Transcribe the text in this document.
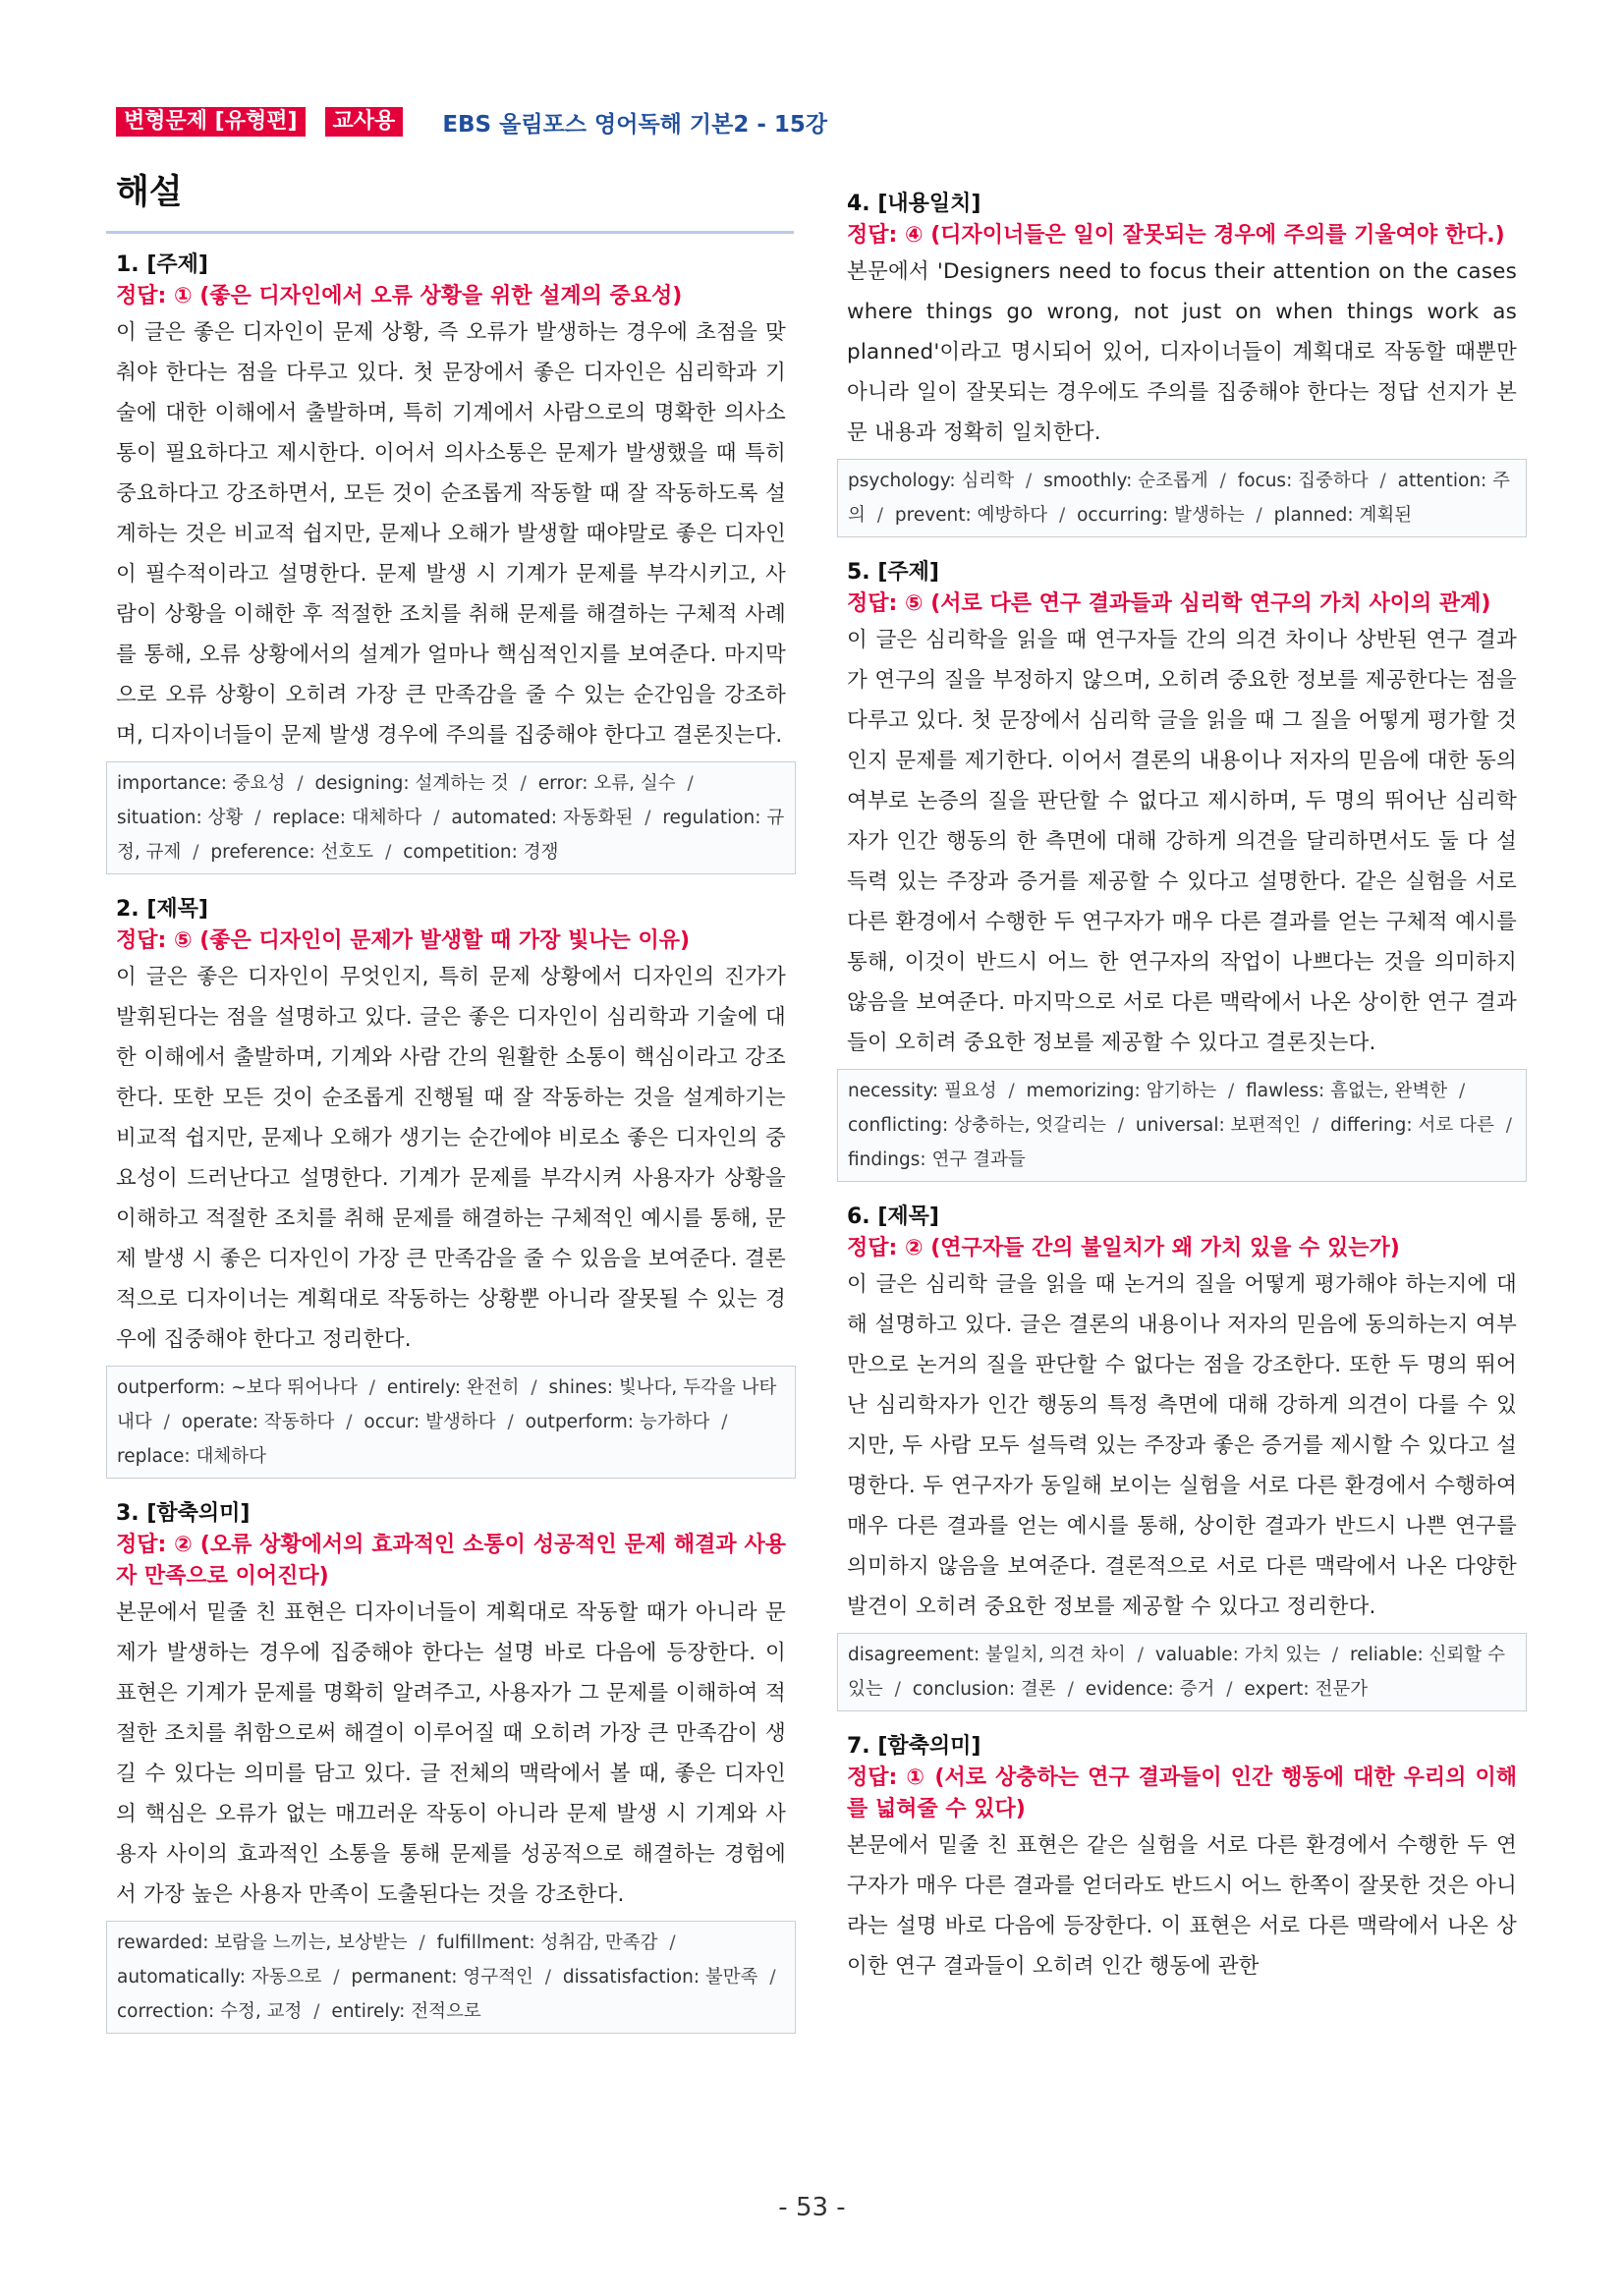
변형문제 [유형편]	교사용	EBS 올림포스 영어독해 기본2 - 15강
해설

1. [주제]

정답: ① (좋은 디자인에서 오류 상황을 위한 설계의 중요성)

이 글은 좋은 디자인이 문제 상황, 즉 오류가 발생하는 경우에 초점을 맞춰야 한다는 점을 다루고 있다. 첫 문장에서 좋은 디자인은 심리학과 기술에 대한 이해에서 출발하며, 특히 기계에서 사람으로의 명확한 의사소통이 필요하다고 제시한다. 이어서 의사소통은 문제가 발생했을 때 특히 중요하다고 강조하면서, 모든 것이 순조롭게 작동할 때 잘 작동하도록 설계하는 것은 비교적 쉽지만, 문제나 오해가 발생할 때야말로 좋은 디자인이 필수적이라고 설명한다. 문제 발생 시 기계가 문제를 부각시키고, 사람이 상황을 이해한 후 적절한 조치를 취해 문제를 해결하는 구체적 사례를 통해, 오류 상황에서의 설계가 얼마나 핵심적인지를 보여준다. 마지막으로 오류 상황이 오히려 가장 큰 만족감을 줄 수 있는 순간임을 강조하며, 디자이너들이 문제 발생 경우에 주의를 집중해야 한다고 결론짓는다.

importance: 중요성 / designing: 설계하는 것 / error: 오류, 실수 / situation: 상황 / replace: 대체하다 / automated: 자동화된 / regulation: 규정, 규제 / preference: 선호도 / competition: 경쟁

2. [제목]

정답: ⑤ (좋은 디자인이 문제가 발생할 때 가장 빛나는 이유)

이 글은 좋은 디자인이 무엇인지, 특히 문제 상황에서 디자인의 진가가 발휘된다는 점을 설명하고 있다. 글은 좋은 디자인이 심리학과 기술에 대한 이해에서 출발하며, 기계와 사람 간의 원활한 소통이 핵심이라고 강조한다. 또한 모든 것이 순조롭게 진행될 때 잘 작동하는 것을 설계하기는 비교적 쉽지만, 문제나 오해가 생기는 순간에야 비로소 좋은 디자인의 중요성이 드러난다고 설명한다. 기계가 문제를 부각시켜 사용자가 상황을 이해하고 적절한 조치를 취해 문제를 해결하는 구체적인 예시를 통해, 문제 발생 시 좋은 디자인이 가장 큰 만족감을 줄 수 있음을 보여준다. 결론적으로 디자이너는 계획대로 작동하는 상황뿐 아니라 잘못될 수 있는 경우에 집중해야 한다고 정리한다.

outperform: ~보다 뛰어나다 / entirely: 완전히 / shines: 빛나다, 두각을 나타내다 / operate: 작동하다 / occur: 발생하다 / outperform: 능가하다 / replace: 대체하다

3. [함축의미]

정답: ② (오류 상황에서의 효과적인 소통이 성공적인 문제 해결과 사용자 만족으로 이어진다)

본문에서 밑줄 친 표현은 디자이너들이 계획대로 작동할 때가 아니라 문제가 발생하는 경우에 집중해야 한다는 설명 바로 다음에 등장한다. 이 표현은 기계가 문제를 명확히 알려주고, 사용자가 그 문제를 이해하여 적절한 조치를 취함으로써 해결이 이루어질 때 오히려 가장 큰 만족감이 생길 수 있다는 의미를 담고 있다. 글 전체의 맥락에서 볼 때, 좋은 디자인의 핵심은 오류가 없는 매끄러운 작동이 아니라 문제 발생 시 기계와 사용자 사이의 효과적인 소통을 통해 문제를 성공적으로 해결하는 경험에서 가장 높은 사용자 만족이 도출된다는 것을 강조한다.

rewarded: 보람을 느끼는, 보상받는 / fulfillment: 성취감, 만족감 / automatically: 자동으로 / permanent: 영구적인 / dissatisfaction: 불만족 / correction: 수정, 교정 / entirely: 전적으로

4. [내용일치]

정답: ④ (디자이너들은 일이 잘못되는 경우에 주의를 기울여야 한다.)

본문에서 'Designers need to focus their attention on the cases where things go wrong, not just on when things work as planned'이라고 명시되어 있어, 디자이너들이 계획대로 작동할 때뿐만 아니라 일이 잘못되는 경우에도 주의를 집중해야 한다는 정답 선지가 본문 내용과 정확히 일치한다.

psychology: 심리학 / smoothly: 순조롭게 / focus: 집중하다 / attention: 주의 / prevent: 예방하다 / occurring: 발생하는 / planned: 계획된

5. [주제]

정답: ⑤ (서로 다른 연구 결과들과 심리학 연구의 가치 사이의 관계)

이 글은 심리학을 읽을 때 연구자들 간의 의견 차이나 상반된 연구 결과가 연구의 질을 부정하지 않으며, 오히려 중요한 정보를 제공한다는 점을 다루고 있다. 첫 문장에서 심리학 글을 읽을 때 그 질을 어떻게 평가할 것인지 문제를 제기한다. 이어서 결론의 내용이나 저자의 믿음에 대한 동의 여부로 논증의 질을 판단할 수 없다고 제시하며, 두 명의 뛰어난 심리학자가 인간 행동의 한 측면에 대해 강하게 의견을 달리하면서도 둘 다 설득력 있는 주장과 증거를 제공할 수 있다고 설명한다. 같은 실험을 서로 다른 환경에서 수행한 두 연구자가 매우 다른 결과를 얻는 구체적 예시를 통해, 이것이 반드시 어느 한 연구자의 작업이 나쁘다는 것을 의미하지 않음을 보여준다. 마지막으로 서로 다른 맥락에서 나온 상이한 연구 결과들이 오히려 중요한 정보를 제공할 수 있다고 결론짓는다.

necessity: 필요성 / memorizing: 암기하는 / flawless: 흠없는, 완벽한 / conflicting: 상충하는, 엇갈리는 / universal: 보편적인 / differing: 서로 다른 / findings: 연구 결과들

6. [제목]

정답: ② (연구자들 간의 불일치가 왜 가치 있을 수 있는가)

이 글은 심리학 글을 읽을 때 논거의 질을 어떻게 평가해야 하는지에 대해 설명하고 있다. 글은 결론의 내용이나 저자의 믿음에 동의하는지 여부만으로 논거의 질을 판단할 수 없다는 점을 강조한다. 또한 두 명의 뛰어난 심리학자가 인간 행동의 특정 측면에 대해 강하게 의견이 다를 수 있지만, 두 사람 모두 설득력 있는 주장과 좋은 증거를 제시할 수 있다고 설명한다. 두 연구자가 동일해 보이는 실험을 서로 다른 환경에서 수행하여 매우 다른 결과를 얻는 예시를 통해, 상이한 결과가 반드시 나쁜 연구를 의미하지 않음을 보여준다. 결론적으로 서로 다른 맥락에서 나온 다양한 발견이 오히려 중요한 정보를 제공할 수 있다고 정리한다.

disagreement: 불일치, 의견 차이 / valuable: 가치 있는 / reliable: 신뢰할 수 있는 / conclusion: 결론 / evidence: 증거 / expert: 전문가

7. [함축의미]

정답: ① (서로 상충하는 연구 결과들이 인간 행동에 대한 우리의 이해를 넓혀줄 수 있다)

본문에서 밑줄 친 표현은 같은 실험을 서로 다른 환경에서 수행한 두 연구자가 매우 다른 결과를 얻더라도 반드시 어느 한쪽이 잘못한 것은 아니라는 설명 바로 다음에 등장한다. 이 표현은 서로 다른 맥락에서 나온 상이한 연구 결과들이 오히려 인간 행동에 관한

- 53 -
